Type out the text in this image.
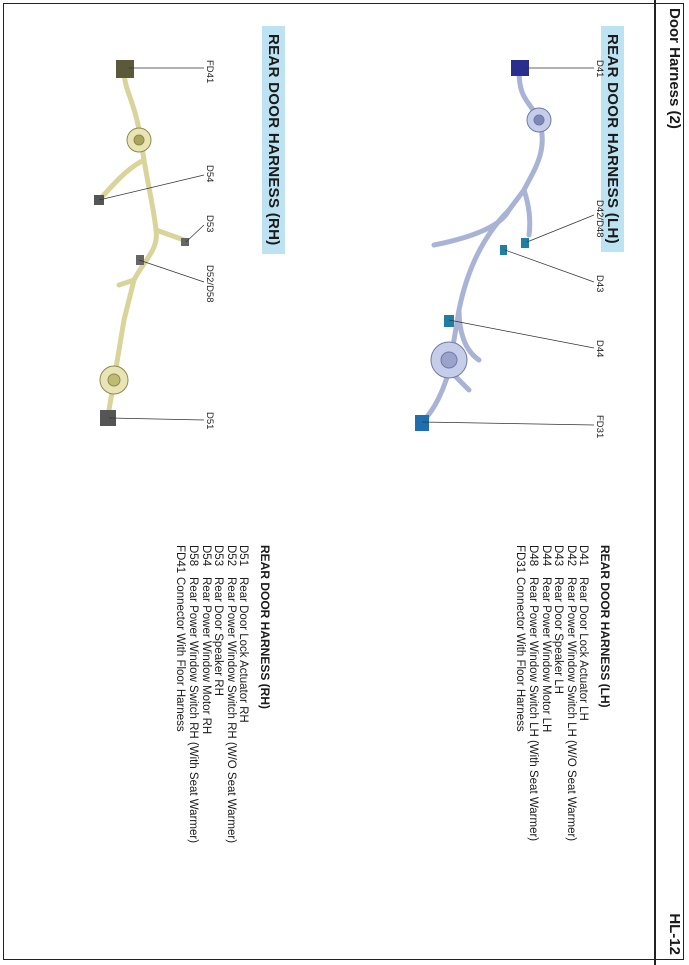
Door Harness (2)
HL-12
REAR DOOR HARNESS (LH)
REAR DOOR HARNESS (RH)	D41
D42/D48
D43
D44
FD31
FD41
D54
D53
D52/D58
D51
REAR DOOR HARNESS (LH)
D41
Rear Door Lock Actuator LH
D42
Rear Power Window Switch LH (W/O Seat Warmer)
D43
Rear Door Speaker LH
D44
Rear Power Window Motor LH
D48
Rear Power Window Switch LH (With Seat Warmer)
FD31
Connector With Floor Harness
REAR DOOR HARNESS (RH)
D51
Rear Door Lock Actuator RH
D52
Rear Power Window Switch RH (W/O Seat Warmer)
D53
Rear Door Speaker RH
D54
Rear Power Window Motor RH
D58
Rear Power Window Switch RH (With Seat Warmer)
FD41
Connector With Floor Harness
